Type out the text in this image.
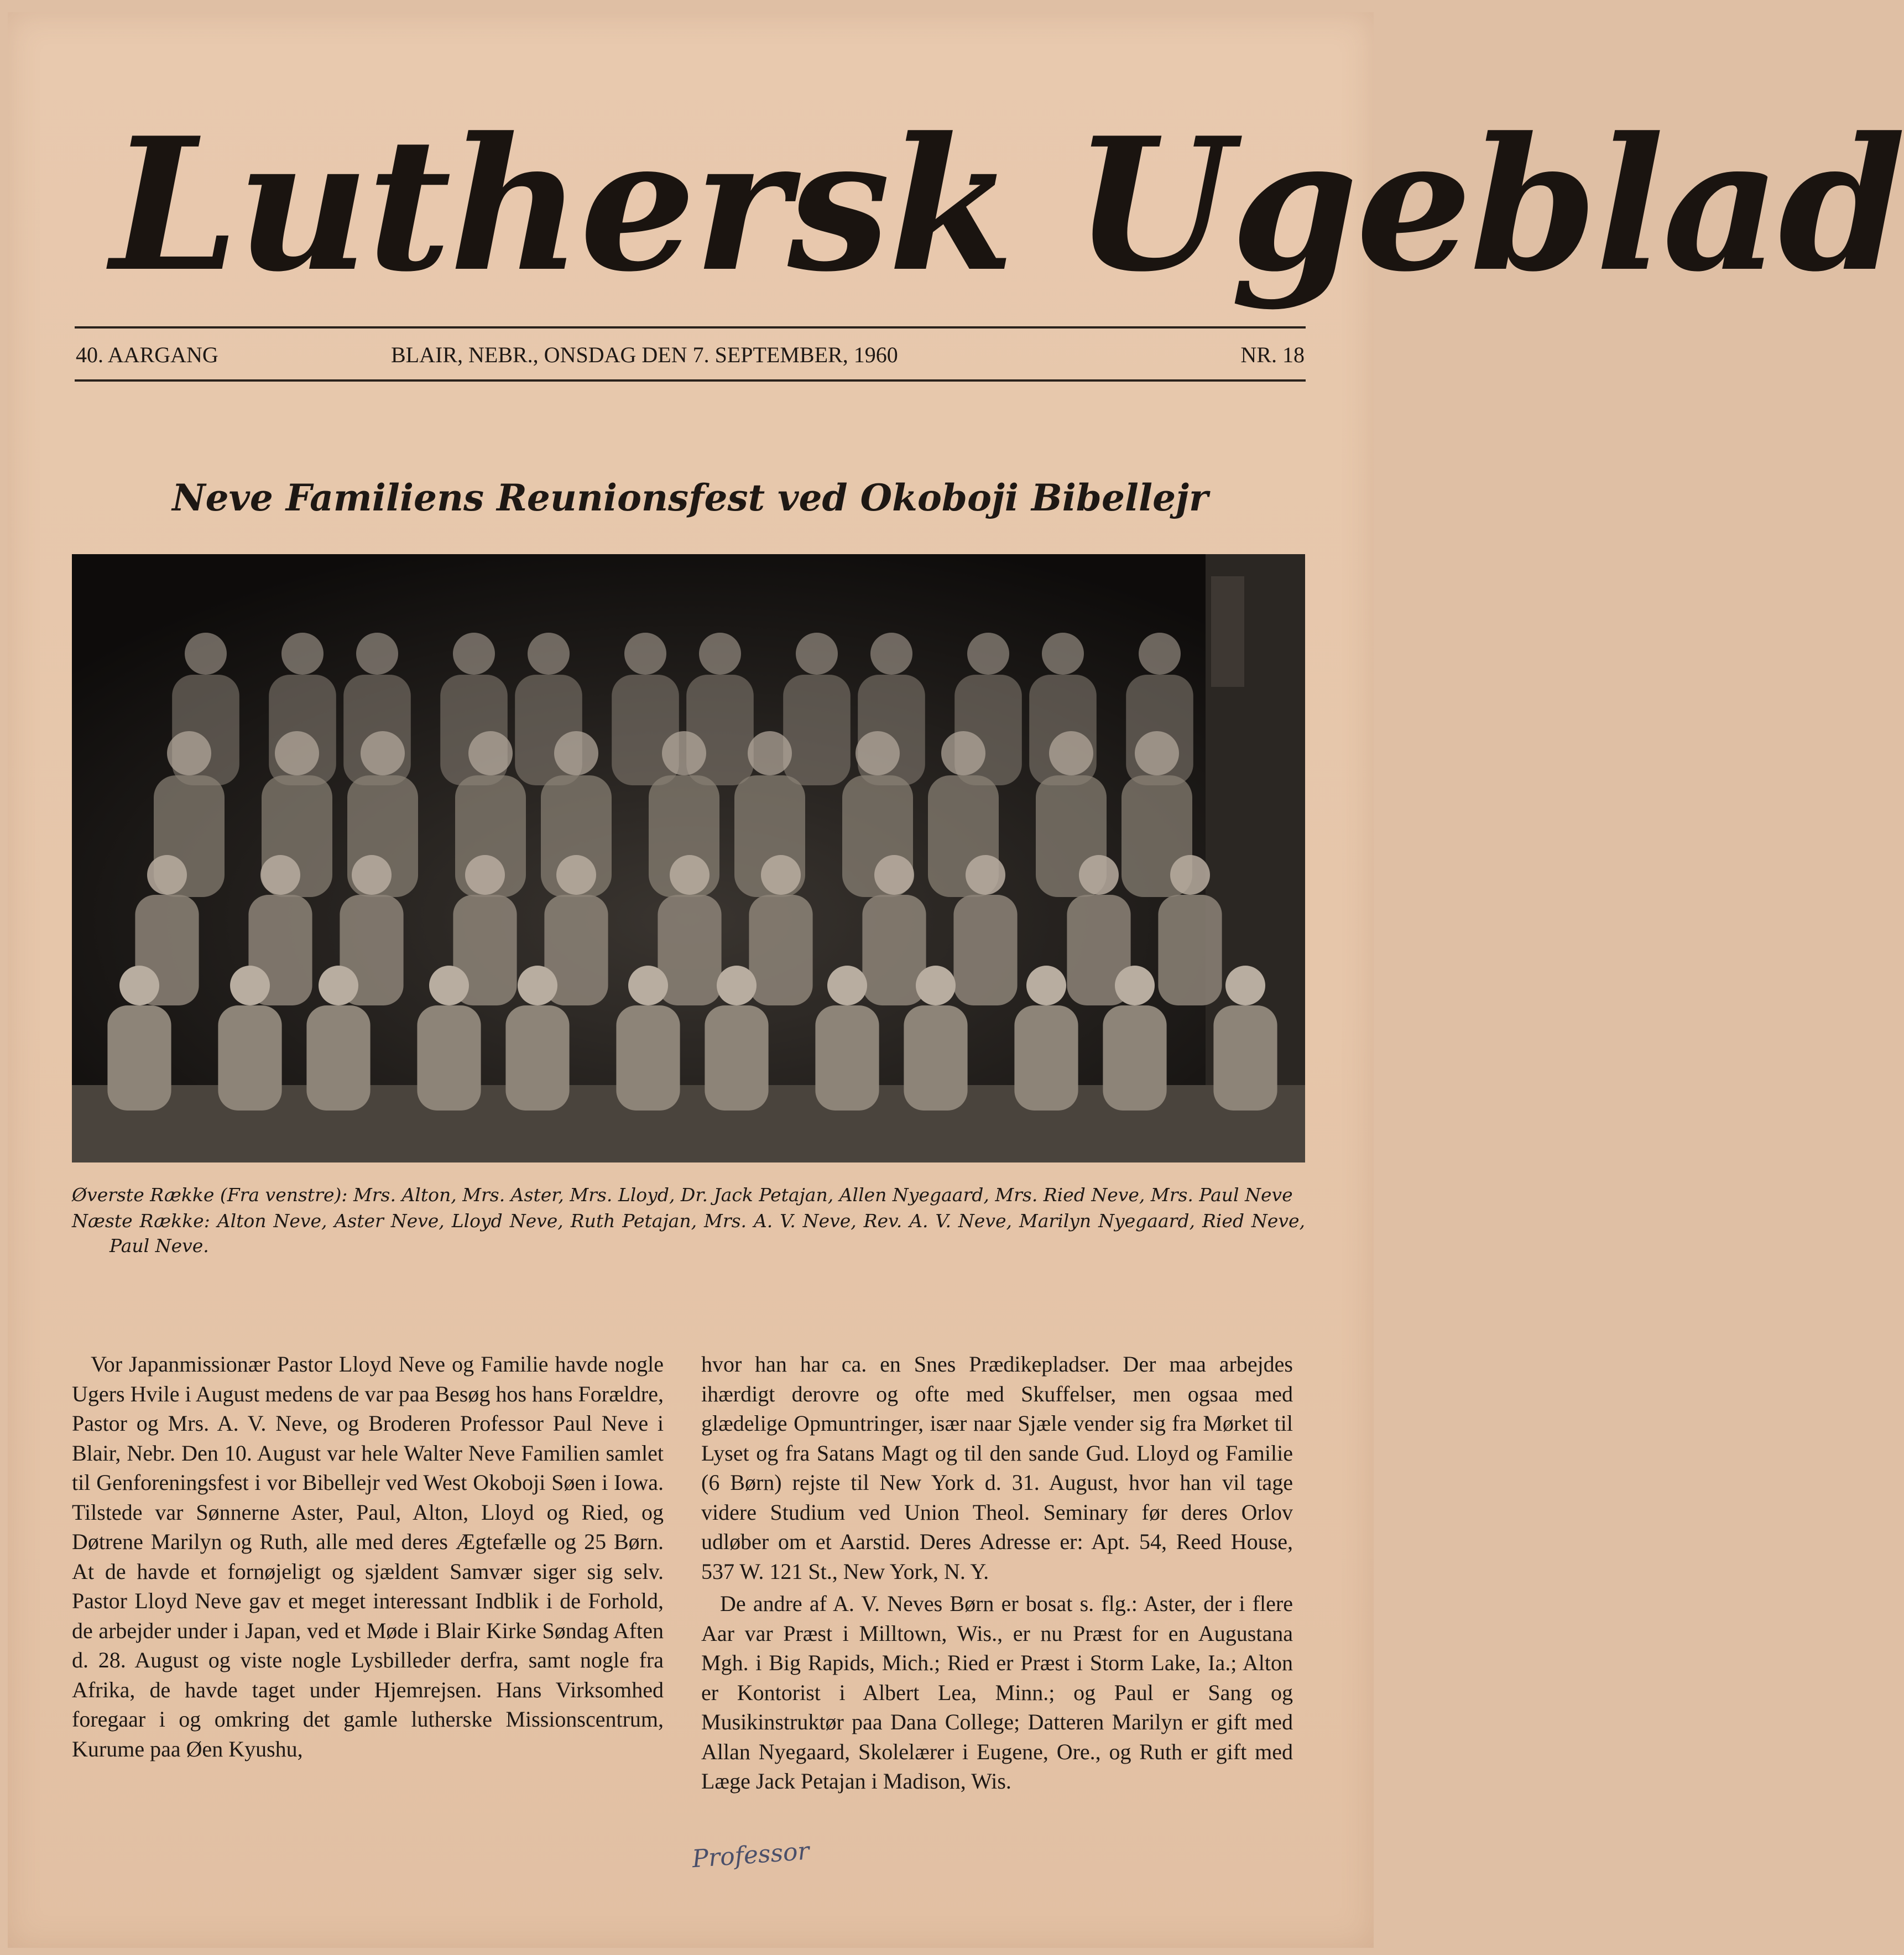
Luthersk Ugeblad
40. AARGANG	BLAIR, NEBR., ONSDAG DEN 7. SEPTEMBER, 1960	NR. 18
Neve Familiens Reunionsfest ved Okoboji Bibellejr

Øverste Række (Fra venstre): Mrs. Alton, Mrs. Aster, Mrs. Lloyd, Dr. Jack Petajan, Allen Nyegaard, Mrs. Ried Neve, Mrs. Paul Neve

Næste Række: Alton Neve, Aster Neve, Lloyd Neve, Ruth Petajan, Mrs. A. V. Neve, Rev. A. V. Neve, Marilyn Nyegaard, Ried Neve, Paul Neve.

Vor Japanmissionær Pastor Lloyd Neve og Familie havde nogle Ugers Hvile i August medens de var paa Besøg hos hans Forældre, Pastor og Mrs. A. V. Neve, og Broderen Professor Paul Neve i Blair, Nebr. Den 10. August var hele Walter Neve Familien samlet til Genforeningsfest i vor Bibellejr ved West Okoboji Søen i Iowa. Tilstede var Sønnerne Aster, Paul, Alton, Lloyd og Ried, og Døtrene Marilyn og Ruth, alle med deres Ægtefælle og 25 Børn. At de havde et fornøjeligt og sjældent Samvær siger sig selv. Pastor Lloyd Neve gav et meget interessant Indblik i de Forhold, de arbejder under i Japan, ved et Møde i Blair Kirke Søndag Aften d. 28. August og viste nogle Lysbilleder derfra, samt nogle fra Afrika, de havde taget under Hjemrejsen. Hans Virksomhed foregaar i og omkring det gamle lutherske Missionscentrum, Kurume paa Øen Kyushu,

hvor han har ca. en Snes Prædikepladser. Der maa arbejdes ihærdigt derovre og ofte med Skuffelser, men ogsaa med glædelige Opmuntringer, især naar Sjæle vender sig fra Mørket til Lyset og fra Satans Magt og til den sande Gud. Lloyd og Familie (6 Børn) rejste til New York d. 31. August, hvor han vil tage videre Studium ved Union Theol. Seminary før deres Orlov udløber om et Aarstid. Deres Adresse er: Apt. 54, Reed House, 537 W. 121 St., New York, N. Y.

De andre af A. V. Neves Børn er bosat s. flg.: Aster, der i flere Aar var Præst i Milltown, Wis., er nu Præst for en Augustana Mgh. i Big Rapids, Mich.; Ried er Præst i Storm Lake, Ia.; Alton er Kontorist i Albert Lea, Minn.; og Paul er Sang og Musikinstruktør paa Dana College; Datteren Marilyn er gift med Allan Nyegaard, Skolelærer i Eugene, Ore., og Ruth er gift med Læge Jack Petajan i Madison, Wis.

Professor
